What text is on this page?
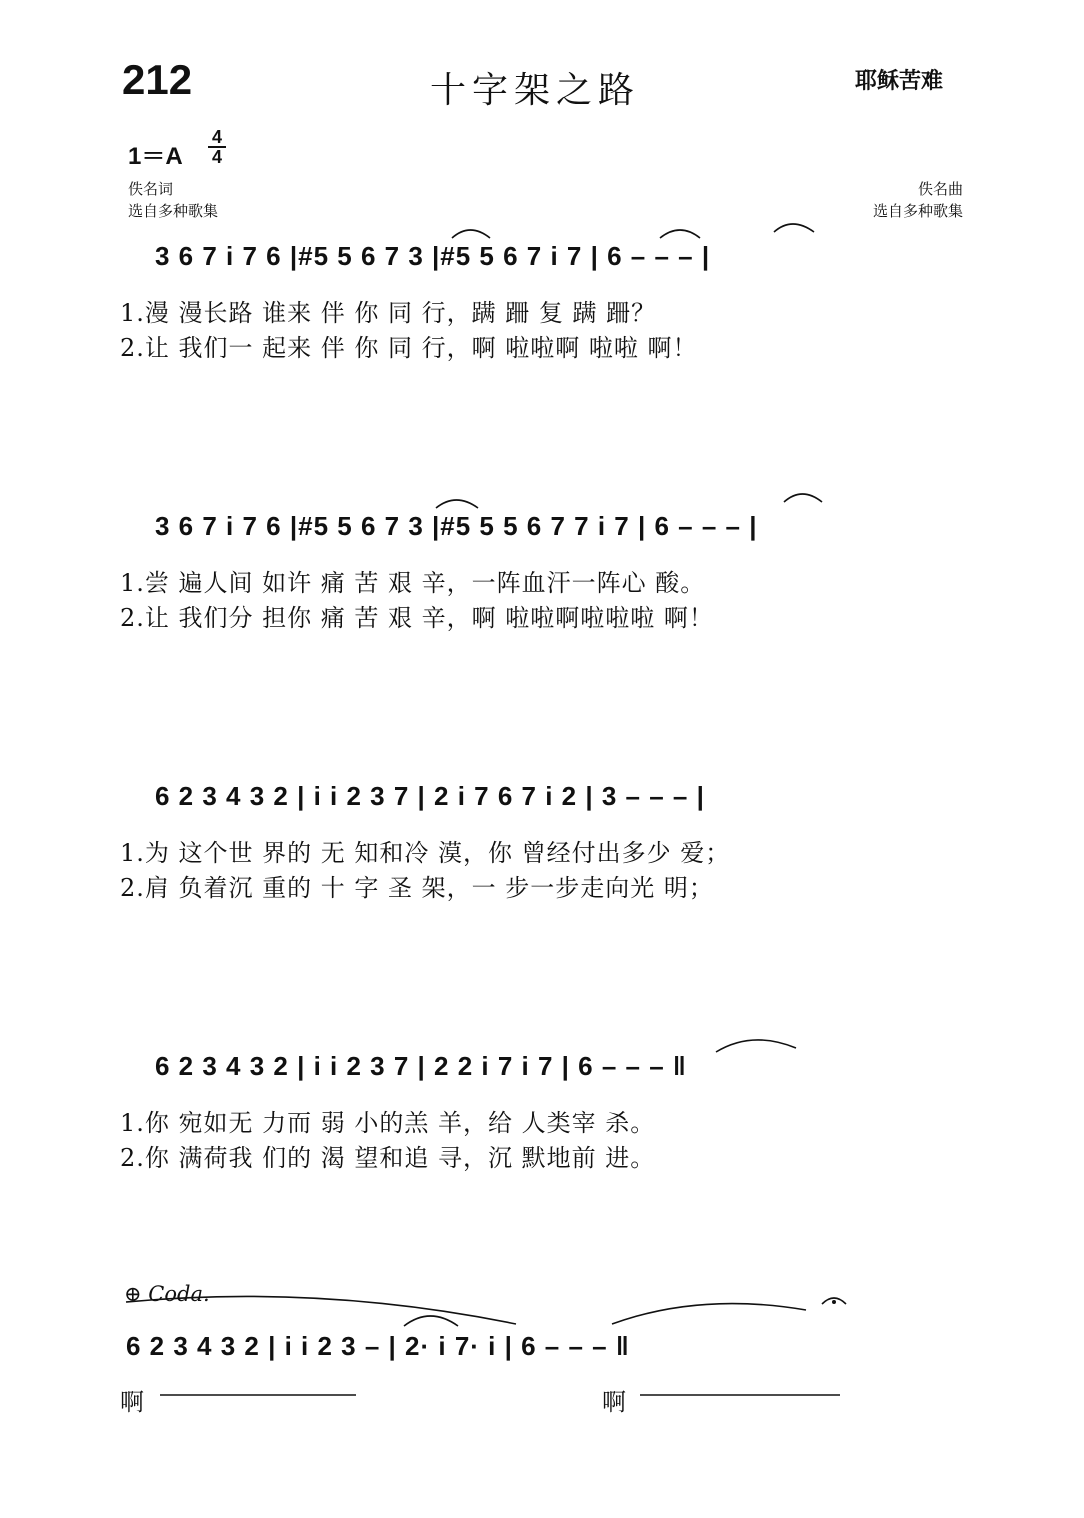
212	十字架之路	耶稣苦难
1＝A
4
4
佚名词
选自多种歌集
佚名曲
选自多种歌集
3 6 7 i 7 6 |#5 5 6 7 3 |#5 5 6 7 i 7 | 6 – – – |
1.漫 漫长路 谁来 伴 你 同 行，蹒 跚 复 蹒 跚？
2.让 我们一 起来 伴 你 同 行，啊 啦啦啊 啦啦 啊！
3 6 7 i 7 6 |#5 5 6 7 3 |#5 5 5 6 7 7 i 7 | 6 – – – |
1.尝 遍人间 如许 痛 苦 艰 辛，一阵血汗一阵心 酸。
2.让 我们分 担你 痛 苦 艰 辛，啊 啦啦啊啦啦啦 啊！
6 2 3 4 3 2 | i i 2 3 7 | 2 i 7 6 7 i 2 | 3 – – – |
1.为 这个世 界的 无 知和冷 漠，你 曾经付出多少 爱；
2.肩 负着沉 重的 十 字 圣 架，一 步一步走向光 明；
6 2 3 4 3 2 | i i 2 3 7 | 2 2 i 7 i 7 | 6 – – – ‖
1.你 宛如无 力而 弱 小的羔 羊，给 人类宰 杀。
2.你 满荷我 们的 渴 望和追 寻，沉 默地前 进。
⊕ Coda.
6 2 3 4 3 2 | i i 2 3 – | 2· i 7· i | 6 – – – ‖
啊	啊
